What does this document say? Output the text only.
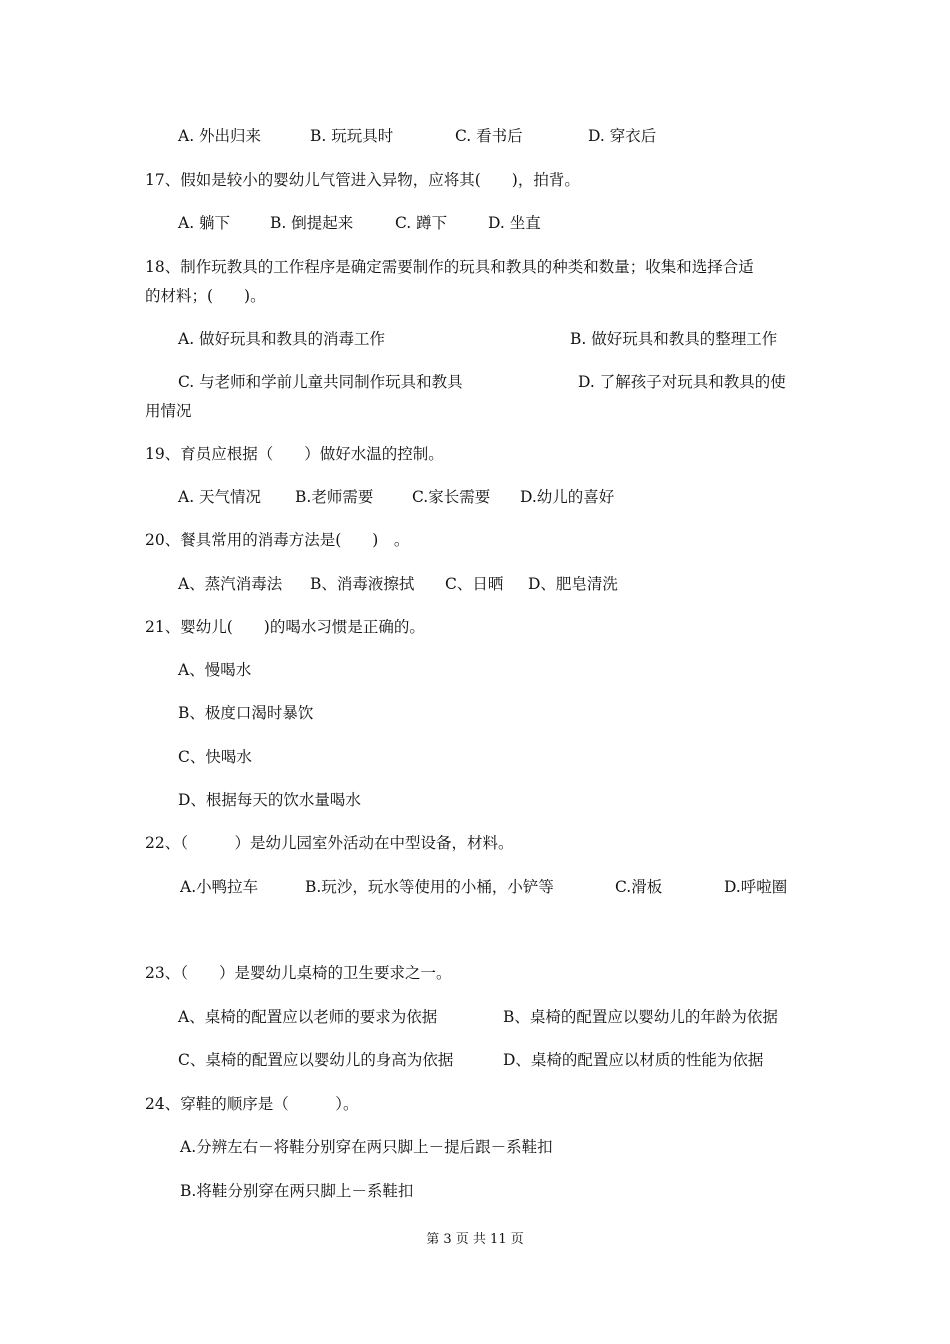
A. 外出归来	B. 玩玩具时	C. 看书后	D. 穿衣后
17、假如是较小的婴幼儿气管进入异物，应将其(　　)，拍背。
A. 躺下	B. 倒提起来	C. 蹲下	D. 坐直
18、制作玩教具的工作程序是确定需要制作的玩具和教具的种类和数量；收集和选择合适
的材料；(　　)。
A. 做好玩具和教具的消毒工作	B. 做好玩具和教具的整理工作
C. 与老师和学前儿童共同制作玩具和教具	D. 了解孩子对玩具和教具的使
用情况
19、育员应根据（　　）做好水温的控制。
A. 天气情况 B.老师需要 C.家长需要 D.幼儿的喜好
20、餐具常用的消毒方法是(　　)　。
A、蒸汽消毒法 B、消毒液擦拭 C、日晒 D、肥皂清洗
21、婴幼儿(　　)的喝水习惯是正确的。
A、慢喝水
B、极度口渴时暴饮
C、快喝水
D、根据每天的饮水量喝水
22、（　　　）是幼儿园室外活动在中型设备，材料。
A.小鸭拉车	B.玩沙，玩水等使用的小桶，小铲等	C.滑板	D.呼啦圈
23、（　　）是婴幼儿桌椅的卫生要求之一。
A、桌椅的配置应以老师的要求为依据	B、桌椅的配置应以婴幼儿的年龄为依据
C、桌椅的配置应以婴幼儿的身高为依据	D、桌椅的配置应以材质的性能为依据
24、穿鞋的顺序是（　　　）。
A.分辨左右－将鞋分别穿在两只脚上－提后跟－系鞋扣
B.将鞋分别穿在两只脚上－系鞋扣
第 3 页 共 11 页
